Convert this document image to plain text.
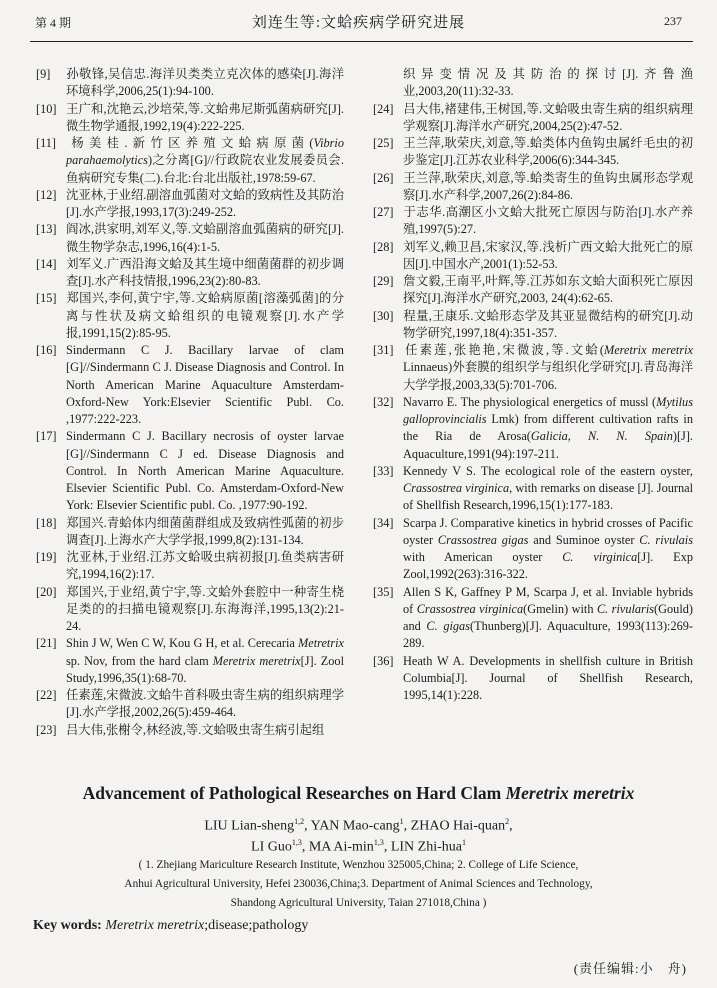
第 4 期	刘连生等:文蛤疾病学研究进展	237
[9] 孙敬锋,吴信忠.海洋贝类类立克次体的感染[J].海洋环境科学,2006,25(1):94-100.
[10] 王广和,沈艳云,沙培荣,等.文蛤弗尼斯弧菌病研究[J].微生物学通报,1992,19(4):222-225.
[11] 杨美桂.新竹区养殖文蛤病原菌(Vibrio parahaemolytics)之分离[G]//行政院农业发展委员会.鱼病研究专集(二).台北:台北出版社,1978:59-67.
[12] 沈亚林,于业绍.副溶血弧菌对文蛤的致病性及其防治[J].水产学报,1993,17(3):249-252.
[13] 阎冰,洪家明,刘军义,等.文蛤副溶血弧菌病的研究[J].微生物学杂志,1996,16(4):1-5.
[14] 刘军义.广西沿海文蛤及其生境中细菌菌群的初步调查[J].水产科技情报,1996,23(2):80-83.
[15] 郑国兴,李何,黄宁宇,等.文蛤病原菌[溶藻弧菌]的分离与性状及病文蛤组织的电镜观察[J].水产学报,1991,15(2):85-95.
[16] Sindermann C J. Bacillary larvae of clam [G]//Sindermann C J. Disease Diagnosis and Control. In North American Marine Aquaculture Amsterdam-Oxford-New York:Elsevier Scientific Publ. Co. ,1977:222-223.
[17] Sindermann C J. Bacillary necrosis of oyster larvae [G]//Sindermann C J ed. Disease Diagnosis and Control. In North American Marine Aquaculture. Elsevier Scientific Publ. Co. Amsterdam-Oxford-New York: Elsevier Scientific publ. Co. ,1977:90-192.
[18] 郑国兴.青蛤体内细菌菌群组成及致病性弧菌的初步调查[J].上海水产大学学报,1999,8(2):131-134.
[19] 沈亚林,于业绍.江苏文蛤吸虫病初报[J].鱼类病害研究,1994,16(2):17.
[20] 郑国兴,于业绍,黄宁宇,等.文蛤外套腔中一种寄生桡足类的的扫描电镜观察[J].东海海洋,1995,13(2):21-24.
[21] Shin J W, Wen C W, Kou G H, et al. Cerecaria Metretrix sp. Nov, from the hard clam Meretrix meretrix[J]. Zool Study,1996,35(1):68-70.
[22] 任素莲,宋微波.文蛤牛首科吸虫寄生病的组织病理学[J].水产学报,2002,26(5):459-464.
[23] 吕大伟,张榭令,林经波,等.文蛤吸虫寄生病引起组
织异变情况及其防治的探讨[J].齐鲁渔业,2003,20(11):32-33.
[24] 吕大伟,褚建伟,王树国,等.文蛤吸虫寄生病的组织病理学观察[J].海洋水产研究,2004,25(2):47-52.
[25] 王兰萍,耿荣庆,刘意,等.蛤类体内鱼钩虫属纤毛虫的初步鉴定[J].江苏农业科学,2006(6):344-345.
[26] 王兰萍,耿荣庆,刘意,等.蛤类寄生的鱼钩虫属形态学观察[J].水产科学,2007,26(2):84-86.
[27] 于志华.高潮区小文蛤大批死亡原因与防治[J].水产养殖,1997(5):27.
[28] 刘军义,赖卫昌,宋家汉,等.浅析广西文蛤大批死亡的原因[J].中国水产,2001(1):52-53.
[29] 詹文毅,王南平,叶辉,等.江苏如东文蛤大面积死亡原因探究[J].海洋水产研究,2003, 24(4):62-65.
[30] 程量,王康乐.文蛤形态学及其亚显微结构的研究[J].动物学研究,1997,18(4):351-357.
[31] 任素莲,张艳艳,宋微波,等.文蛤(Meretrix meretrix Linnaeus)外套膜的组织学与组织化学研究[J].青岛海洋大学学报,2003,33(5):701-706.
[32] Navarro E. The physiological energetics of mussl (Mytilus galloprovincialis Lmk) from different cultivation rafts in the Ria de Arosa(Galicia, N. N. Spain)[J]. Aquaculture,1991(94):197-211.
[33] Kennedy V S. The ecological role of the eastern oyster, Crassostrea virginica, with remarks on disease [J]. Journal of Shellfish Research,1996,15(1):177-183.
[34] Scarpa J. Comparative kinetics in hybrid crosses of Pacific oyster Crassostrea gigas and Suminoe oyster C. rivulais with American oyster C. virginica[J]. Exp Zool,1992(263):316-322.
[35] Allen S K, Gaffney P M, Scarpa J, et al. Inviable hybrids of Crassostrea virginica(Gmelin) with C. rivularis(Gould) and C. gigas(Thunberg)[J]. Aquaculture, 1993(113):269-289.
[36] Heath W A. Developments in shellfish culture in British Columbia[J]. Journal of Shellfish Research, 1995,14(1):228.
Advancement of Pathological Researches on Hard Clam Meretrix meretrix
LIU Lian-sheng$^{1,2}$, YAN Mao-cang$^1$, ZHAO Hai-quan$^2$,
LI Guo$^{1,3}$, MA $Ai-\min^{1,3}$, LIN Zhi-hua$^1$
( 1. Zhejiang Mariculture Research Institute, Wenzhou 325005,China; 2. College of Life Science,
Anhui Agricultural University, Hefei 230036,China;3. Department of Animal Sciences and Technology,
Shandong Agricultural University, Taian 271018,China )
Key words: Meretrix meretrix;disease;pathology
(责任编辑:小　舟)
